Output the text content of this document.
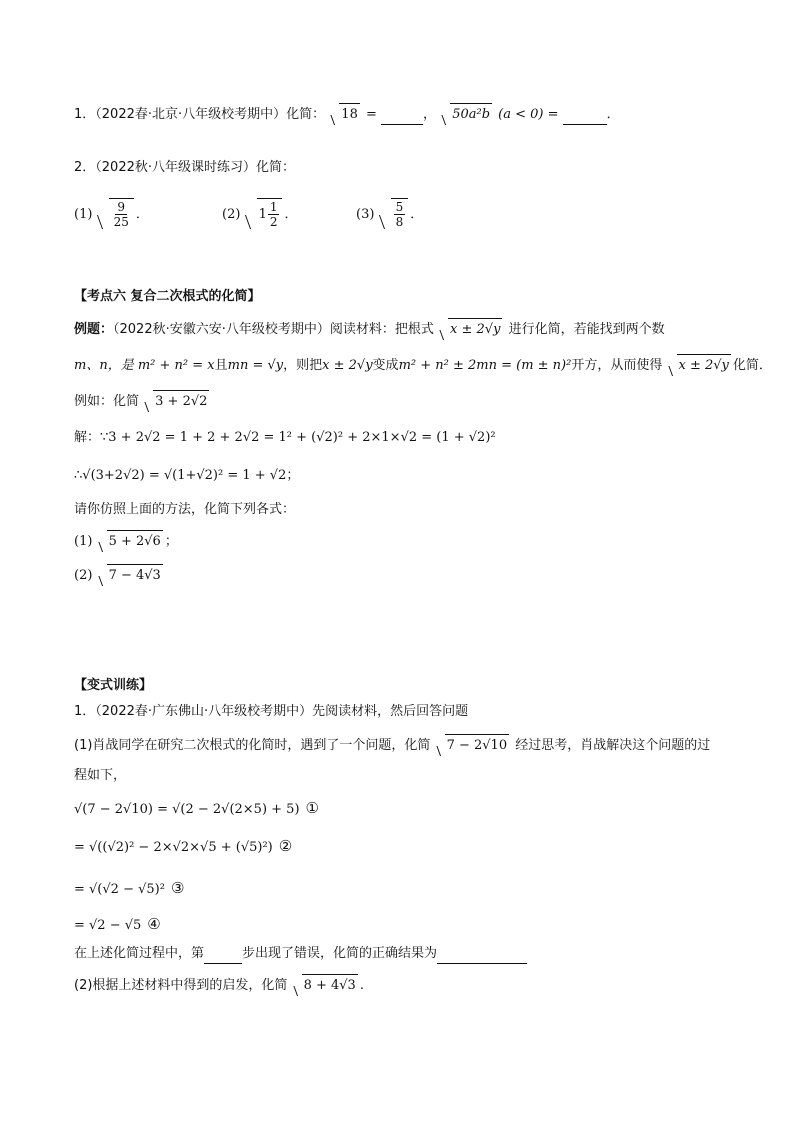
1．（2022春·北京·八年级校考期中）化简： 18 =	， 50a²b (a < 0) =	．
2．（2022秋·八年级课时练习）化简：
$(1) \frac{9}{25}$ ．	(2) $1 \frac{1}{2}$ ．	$(3) \frac{5}{8}$ ．
【考点六 复合二次根式的化简】
例题：（2022秋·安徽六安·八年级校考期中）阅读材料：把根式 x ± 2√y 进行化简，若能找到两个数
m、n，是 m² + n² = x且mn = √y，则把x ± 2√y变成m² + n² ± 2mn = (m ± n)²开方，从而使得 x ± 2√y 化简．
例如：化简 3 + 2√2
解：∵3 + 2√2 = 1 + 2 + 2√2 = 1² + (√2)² + 2×1×√2 = (1 + √2)²
∴√(3+2√2) = √(1+√2)² = 1 + √2；
请你仿照上面的方法，化简下列各式：
(1) 5 + 2√6 ；
(2) 7 − 4√3
【变式训练】
1．（2022春·广东佛山·八年级校考期中）先阅读材料，然后回答问题
(1)肖战同学在研究二次根式的化简时，遇到了一个问题，化简 7 − 2√10 经过思考，肖战解决这个问题的过
程如下，
√(7 − 2√10) = √(2 − 2√(2×5) + 5) ①
= √((√2)² − 2×√2×√5 + (√5)²) ②
= √(√2 − √5)² ③
= √2 − √5 ④
在上述化简过程中，第	步出现了错误，化简的正确结果为
(2)根据上述材料中得到的启发，化简 8 + 4√3 .
